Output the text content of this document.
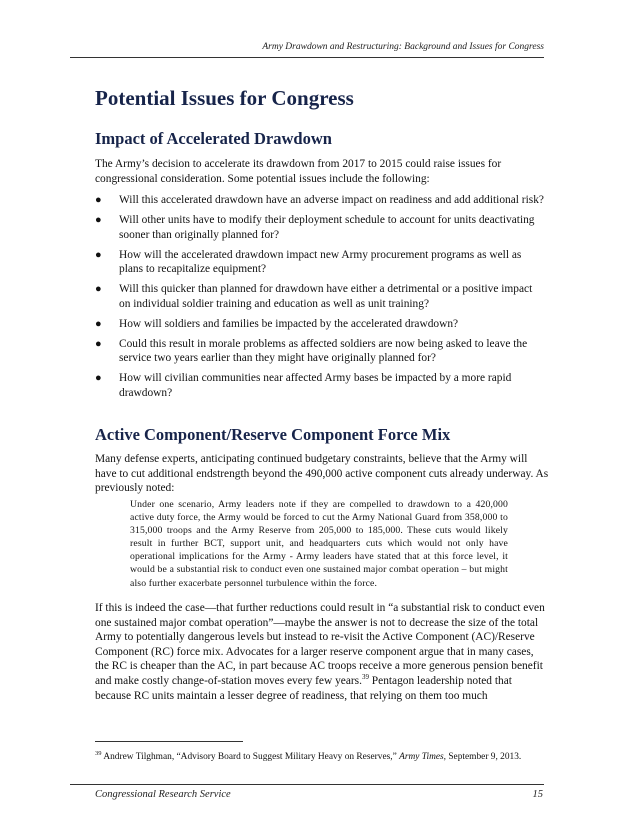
Army Drawdown and Restructuring: Background and Issues for Congress
Potential Issues for Congress
Impact of Accelerated Drawdown

The Army’s decision to accelerate its drawdown from 2017 to 2015 could raise issues for congressional consideration. Some potential issues include the following:

● Will this accelerated drawdown have an adverse impact on readiness and add additional risk?
● Will other units have to modify their deployment schedule to account for units deactivating sooner than originally planned for?
● How will the accelerated drawdown impact new Army procurement programs as well as plans to recapitalize equipment?
● Will this quicker than planned for drawdown have either a detrimental or a positive impact on individual soldier training and education as well as unit training?
● How will soldiers and families be impacted by the accelerated drawdown?
● Could this result in morale problems as affected soldiers are now being asked to leave the service two years earlier than they might have originally planned for?
● How will civilian communities near affected Army bases be impacted by a more rapid drawdown?
Active Component/Reserve Component Force Mix

Many defense experts, anticipating continued budgetary constraints, believe that the Army will have to cut additional endstrength beyond the 490,000 active component cuts already underway. As previously noted:

Under one scenario, Army leaders note if they are compelled to drawdown to a 420,000 active duty force, the Army would be forced to cut the Army National Guard from 358,000 to 315,000 troops and the Army Reserve from 205,000 to 185,000. These cuts would likely result in further BCT, support unit, and headquarters cuts which would not only have operational implications for the Army - Army leaders have stated that at this force level, it would be a substantial risk to conduct even one sustained major combat operation – but might also further exacerbate personnel turbulence within the force.

If this is indeed the case—that further reductions could result in “a substantial risk to conduct even one sustained major combat operation”—maybe the answer is not to decrease the size of the total Army to potentially dangerous levels but instead to re-visit the Active Component (AC)/Reserve Component (RC) force mix. Advocates for a larger reserve component argue that in many cases, the RC is cheaper than the AC, in part because AC troops receive a more generous pension benefit and make costly change-of-station moves every few years.$^{39}$ Pentagon leadership noted that because RC units maintain a lesser degree of readiness, that relying on them too much

$^{39}$ Andrew Tilghman, “Advisory Board to Suggest Military Heavy on Reserves,” Army Times, September 9, 2013.
Congressional Research Service	15
